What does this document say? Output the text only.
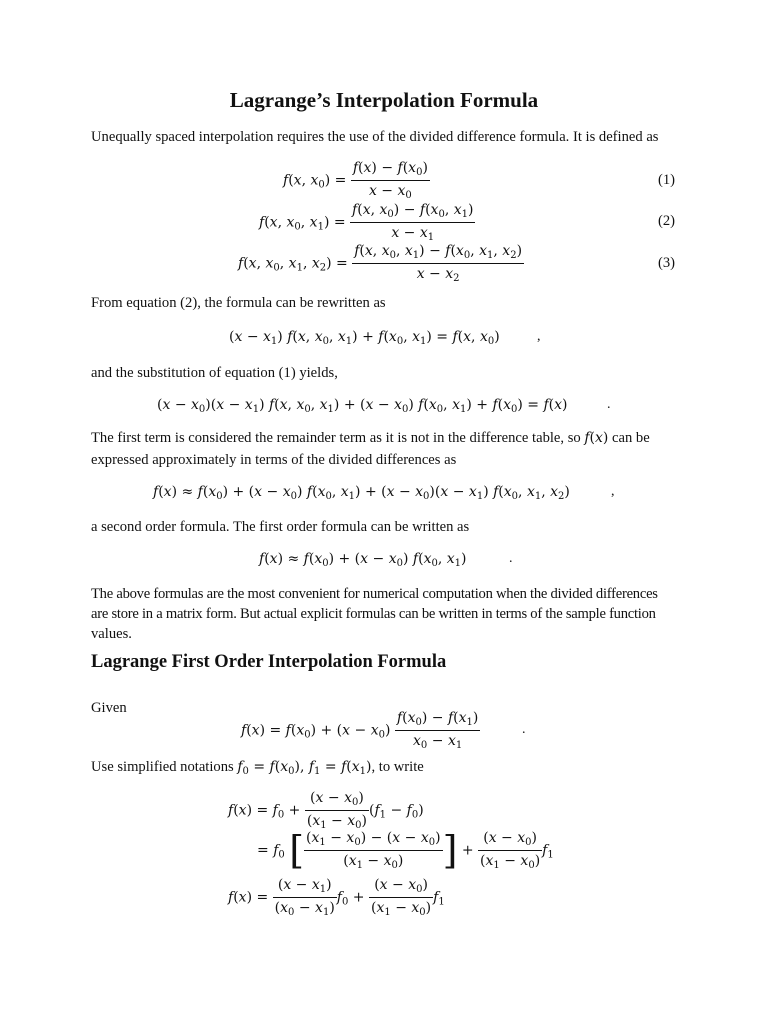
Lagrange’s Interpolation Formula
Unequally spaced interpolation requires the use of the divided difference formula. It is defined as
f(x, $x_0) = \frac{f(x) - f(x_0)}{x - x_0}$	(1)
f(x, $x_0$, $x_1) = \frac{f(x, x_0) - f(x_0, x_1)}{x - x_1}$	(2)
f(x, $x_0$, $x_1$, $x_2) = \frac{f(x, x_0, x_1) - f(x_0, x_1, x_2)}{x - x_2}$	(3)
From equation (2), the formula can be rewritten as
$(x - x_1)$ f(x, $x_0$, $x_1) + f(x_0$, $x_1) = f(x$, $x_0$)	,
and the substitution of equation (1) yields,
$(x - x_0)(x - x_1)$ f(x, $x_0$, $x_1) + (x - x_0)$ $f(x_0$, $x_1) + f(x_0) = f(x)$	.
The first term is considered the remainder term as it is not in the difference table, so f(x) can be
expressed approximately in terms of the divided differences as
$f(x) \approx f(x_0) + (x - x_0)$ $f(x_0$, $x_1) + (x - x_0)(x - x_1)$ $f(x_0$, $x_1$, $x_2$)	,
a second order formula. The first order formula can be written as
$f(x) \approx f(x_0) + (x - x_0)$ $f(x_0$, $x_1$)	.
The above formulas are the most convenient for numerical computation when the divided differences
are store in a matrix form. But actual explicit formulas can be written in terms of the sample function
values.
Lagrange First Order Interpolation Formula
Given
$f(x) = f(x_0) + (x - x_0) \frac{f(x_0) - f(x_1)}{x_0 - x_1}$	.
Use simplified notations $f_0 = f(x_0)$, $f_1 = f(x_1)$, to write
$f(x) = f_0 + \frac{(x - x_0)}{(x_1 - x_0)} (f_1 - f_0)$
= $f_0$ [ $\frac{(x_1 - x_0) - (x - x_0)}{(x_1 - x_0)}$ ] + $\frac{(x - x_0)}{(x_1 - x_0)} f_1$
$f(x) = \frac{(x - x_1)}{(x_0 - x_1)} f_0 + \frac{(x - x_0)}{(x_1 - x_0)} f_1$
